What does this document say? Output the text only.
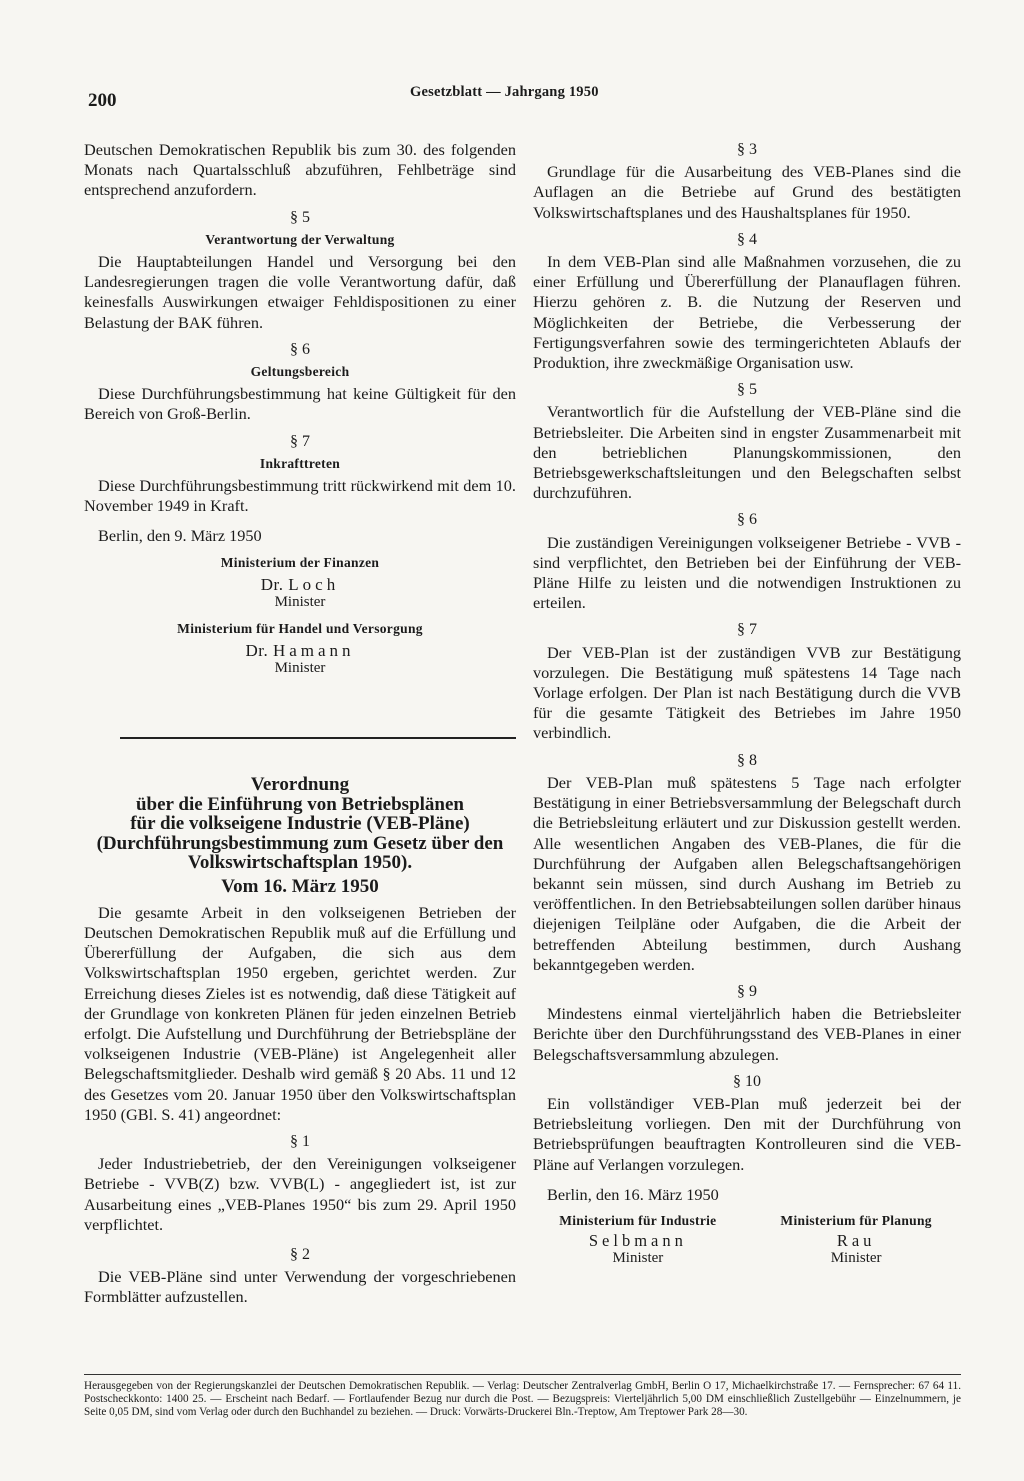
200	Gesetzblatt — Jahrgang 1950

Deutschen Demokratischen Republik bis zum 30. des folgenden Monats nach Quartalsschluß abzuführen, Fehlbeträge sind entsprechend anzufordern.

§ 5
Verantwortung der Verwaltung

Die Hauptabteilungen Handel und Versorgung bei den Landesregierungen tragen die volle Verantwortung dafür, daß keinesfalls Auswirkungen etwaiger Fehldispositionen zu einer Belastung der BAK führen.

§ 6
Geltungsbereich

Diese Durchführungsbestimmung hat keine Gültigkeit für den Bereich von Groß-Berlin.

§ 7
Inkrafttreten

Diese Durchführungsbestimmung tritt rückwirkend mit dem 10. November 1949 in Kraft.

Berlin, den 9. März 1950
Ministerium der Finanzen
Dr. Loch
Minister
Ministerium für Handel und Versorgung
Dr. Hamann
Minister
Verordnung
über die Einführung von Betriebsplänen
für die volkseigene Industrie (VEB-Pläne)
(Durchführungsbestimmung zum Gesetz über den
Volkswirtschaftsplan 1950).
Vom 16. März 1950

Die gesamte Arbeit in den volkseigenen Betrieben der Deutschen Demokratischen Republik muß auf die Erfüllung und Übererfüllung der Aufgaben, die sich aus dem Volkswirtschaftsplan 1950 ergeben, gerichtet werden. Zur Erreichung dieses Zieles ist es notwendig, daß diese Tätigkeit auf der Grundlage von konkreten Plänen für jeden einzelnen Betrieb erfolgt. Die Aufstellung und Durchführung der Betriebspläne der volkseigenen Industrie (VEB-Pläne) ist Angelegenheit aller Belegschaftsmitglieder. Deshalb wird gemäß § 20 Abs. 11 und 12 des Gesetzes vom 20. Januar 1950 über den Volkswirtschaftsplan 1950 (GBl. S. 41) angeordnet:

§ 1

Jeder Industriebetrieb, der den Vereinigungen volkseigener Betriebe - VVB(Z) bzw. VVB(L) - angegliedert ist, ist zur Ausarbeitung eines „VEB-Planes 1950“ bis zum 29. April 1950 verpflichtet.

§ 2

Die VEB-Pläne sind unter Verwendung der vorgeschriebenen Formblätter aufzustellen.

§ 3

Grundlage für die Ausarbeitung des VEB-Planes sind die Auflagen an die Betriebe auf Grund des bestätigten Volkswirtschaftsplanes und des Haushaltsplanes für 1950.

§ 4

In dem VEB-Plan sind alle Maßnahmen vorzusehen, die zu einer Erfüllung und Übererfüllung der Planauflagen führen. Hierzu gehören z. B. die Nutzung der Reserven und Möglichkeiten der Betriebe, die Verbesserung der Fertigungsverfahren sowie des termingerichteten Ablaufs der Produktion, ihre zweckmäßige Organisation usw.

§ 5

Verantwortlich für die Aufstellung der VEB-Pläne sind die Betriebsleiter. Die Arbeiten sind in engster Zusammenarbeit mit den betrieblichen Planungskommissionen, den Betriebsgewerkschaftsleitungen und den Belegschaften selbst durchzuführen.

§ 6

Die zuständigen Vereinigungen volkseigener Betriebe - VVB - sind verpflichtet, den Betrieben bei der Einführung der VEB-Pläne Hilfe zu leisten und die notwendigen Instruktionen zu erteilen.

§ 7

Der VEB-Plan ist der zuständigen VVB zur Bestätigung vorzulegen. Die Bestätigung muß spätestens 14 Tage nach Vorlage erfolgen. Der Plan ist nach Bestätigung durch die VVB für die gesamte Tätigkeit des Betriebes im Jahre 1950 verbindlich.

§ 8

Der VEB-Plan muß spätestens 5 Tage nach erfolgter Bestätigung in einer Betriebsversammlung der Belegschaft durch die Betriebsleitung erläutert und zur Diskussion gestellt werden. Alle wesentlichen Angaben des VEB-Planes, die für die Durchführung der Aufgaben allen Belegschaftsangehörigen bekannt sein müssen, sind durch Aushang im Betrieb zu veröffentlichen. In den Betriebsabteilungen sollen darüber hinaus diejenigen Teilpläne oder Aufgaben, die die Arbeit der betreffenden Abteilung bestimmen, durch Aushang bekanntgegeben werden.

§ 9

Mindestens einmal vierteljährlich haben die Betriebsleiter Berichte über den Durchführungsstand des VEB-Planes in einer Belegschaftsversammlung abzulegen.

§ 10

Ein vollständiger VEB-Plan muß jederzeit bei der Betriebsleitung vorliegen. Den mit der Durchführung von Betriebsprüfungen beauftragten Kontrolleuren sind die VEB-Pläne auf Verlangen vorzulegen.

Berlin, den 16. März 1950
Ministerium für Industrie
Selbmann
Minister
Ministerium für Planung
Rau
Minister
Herausgegeben von der Regierungskanzlei der Deutschen Demokratischen Republik. — Verlag: Deutscher Zentralverlag GmbH, Berlin O 17, Michaelkirchstraße 17. — Fernsprecher: 67 64 11. Postscheckkonto: 1400 25. — Erscheint nach Bedarf. — Fortlaufender Bezug nur durch die Post. — Bezugspreis: Vierteljährlich 5,00 DM einschließlich Zustellgebühr — Einzelnummern, je Seite 0,05 DM, sind vom Verlag oder durch den Buchhandel zu beziehen. — Druck: Vorwärts-Druckerei Bln.-Treptow, Am Treptower Park 28—30.
